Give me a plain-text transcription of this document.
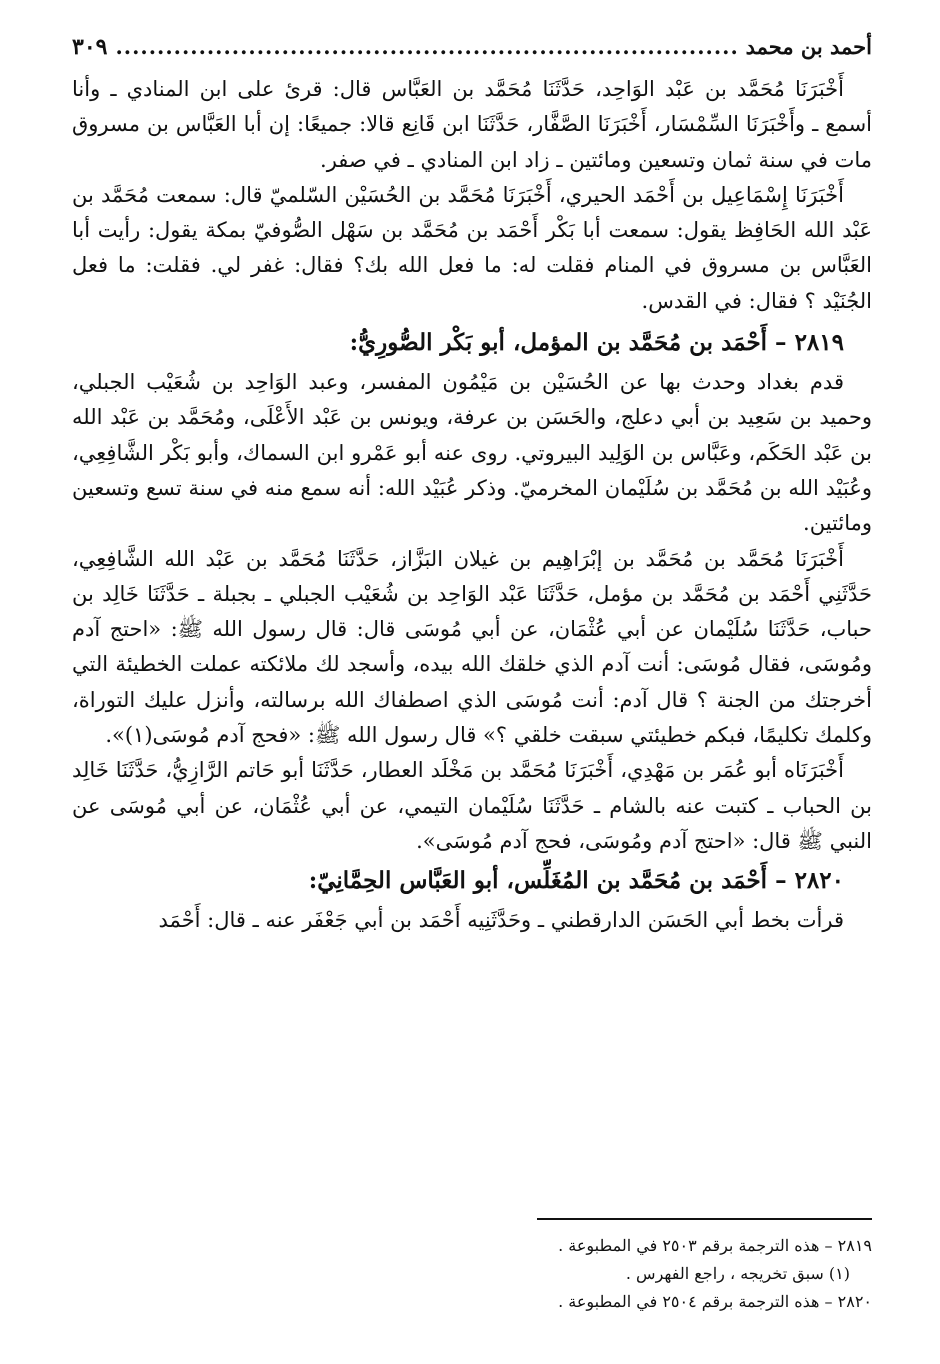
أحمد بن محمد
.....
٣٠٩

أَخْبَرَنَا مُحَمَّد بن عَبْد الوَاحِد، حَدَّثَنَا مُحَمَّد بن العَبَّاس قال: قرئ على ابن المنادي ـ وأنا أسمع ـ وأَخْبَرَنَا السِّمْسَار، أَخْبَرَنَا الصَّفَّار، حَدَّثَنَا ابن قَانِع قالا: جميعًا: إن أبا العَبَّاس بن مسروق مات في سنة ثمان وتسعين ومائتين ـ زاد ابن المنادي ـ في صفر.

أَخْبَرَنَا إِسْمَاعِيل بن أَحْمَد الحيري، أَخْبَرَنَا مُحَمَّد بن الحُسَيْن السّلميّ قال: سمعت مُحَمَّد بن عَبْد الله الحَافِظ يقول: سمعت أبا بَكْر أَحْمَد بن مُحَمَّد بن سَهْل الصُّوفيّ بمكة يقول: رأيت أبا العَبَّاس بن مسروق في المنام فقلت له: ما فعل الله بك؟ فقال: غفر لي. فقلت: ما فعل الجُنَيْد ؟ فقال: في القدس.

٢٨١٩ – أَحْمَد بن مُحَمَّد بن المؤمل، أبو بَكْر الصُّورِيُّ:

قدم بغداد وحدث بها عن الحُسَيْن بن مَيْمُون المفسر، وعبد الوَاحِد بن شُعَيْب الجبلي، وحميد بن سَعِيد بن أبي دعلج، والحَسَن بن عرفة، ويونس بن عَبْد الأَعْلَى، ومُحَمَّد بن عَبْد الله بن عَبْد الحَكَم، وعَبَّاس بن الوَلِيد البيروتي. روى عنه أبو عَمْرو ابن السماك، وأبو بَكْر الشَّافِعِي، وعُبَيْد الله بن مُحَمَّد بن سُلَيْمان المخرميّ. وذكر عُبَيْد الله: أنه سمع منه في سنة تسع وتسعين ومائتين.

أَخْبَرَنَا مُحَمَّد بن مُحَمَّد بن إبْرَاهِيم بن غيلان البَزَّاز، حَدَّثَنَا مُحَمَّد بن عَبْد الله الشَّافِعِي، حَدَّثَنِي أَحْمَد بن مُحَمَّد بن مؤمل، حَدَّثَنَا عَبْد الوَاحِد بن شُعَيْب الجبلي ـ بجبلة ـ حَدَّثَنَا خَالِد بن حباب، حَدَّثَنَا سُلَيْمان عن أبي عُثْمَان، عن أبي مُوسَى قال: قال رسول الله ﷺ: «احتج آدم ومُوسَى، فقال مُوسَى: أنت آدم الذي خلقك الله بيده، وأسجد لك ملائكته عملت الخطيئة التي أخرجتك من الجنة ؟ قال آدم: أنت مُوسَى الذي اصطفاك الله برسالته، وأنزل عليك التوراة، وكلمك تكليمًا، فبكم خطيئتي سبقت خلقي ؟» قال رسول الله ﷺ: «فحج آدم مُوسَى(١)».

أَخْبَرَنَاه أبو عُمَر بن مَهْدِي، أَخْبَرَنَا مُحَمَّد بن مَخْلَد العطار، حَدَّثَنَا أبو حَاتم الرَّازِيُّ، حَدَّثَنَا خَالِد بن الحباب ـ كتبت عنه بالشام ـ حَدَّثَنَا سُلَيْمان التيمي، عن أبي عُثْمَان، عن أبي مُوسَى عن النبي ﷺ قال: «احتج آدم ومُوسَى، فحج آدم مُوسَى».

٢٨٢٠ – أَحْمَد بن مُحَمَّد بن المُغَلِّس، أبو العَبَّاس الحِمَّانِيّ:

قرأت بخط أبي الحَسَن الدارقطني ـ وحَدَّثَنِيه أَحْمَد بن أبي جَعْفَر عنه ـ قال: أَحْمَد

٢٨١٩ – هذه الترجمة برقم ٢٥٠٣ في المطبوعة .

(١) سبق تخريجه ، راجع الفهرس .

٢٨٢٠ – هذه الترجمة برقم ٢٥٠٤ في المطبوعة .
